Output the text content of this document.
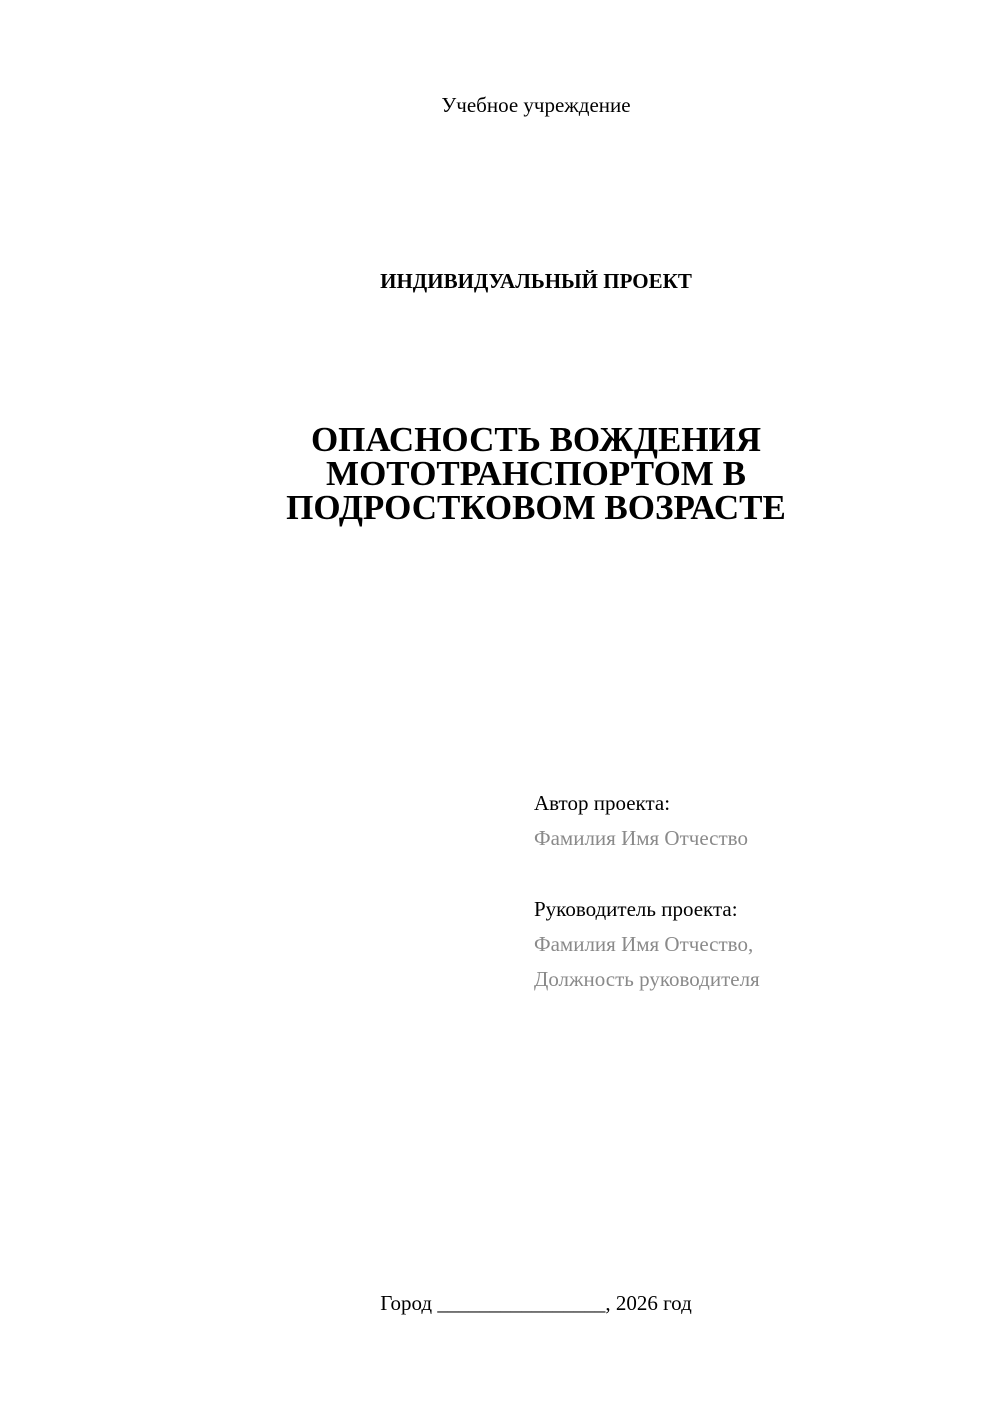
Учебное учреждение
ИНДИВИДУАЛЬНЫЙ ПРОЕКТ
ОПАСНОСТЬ ВОЖДЕНИЯ
МОТОТРАНСПОРТОМ В
ПОДРОСТКОВОМ ВОЗРАСТЕ
Автор проекта:
Фамилия Имя Отчество
Руководитель проекта:
Фамилия Имя Отчество,
Должность руководителя
Город ________________, 2026 год
